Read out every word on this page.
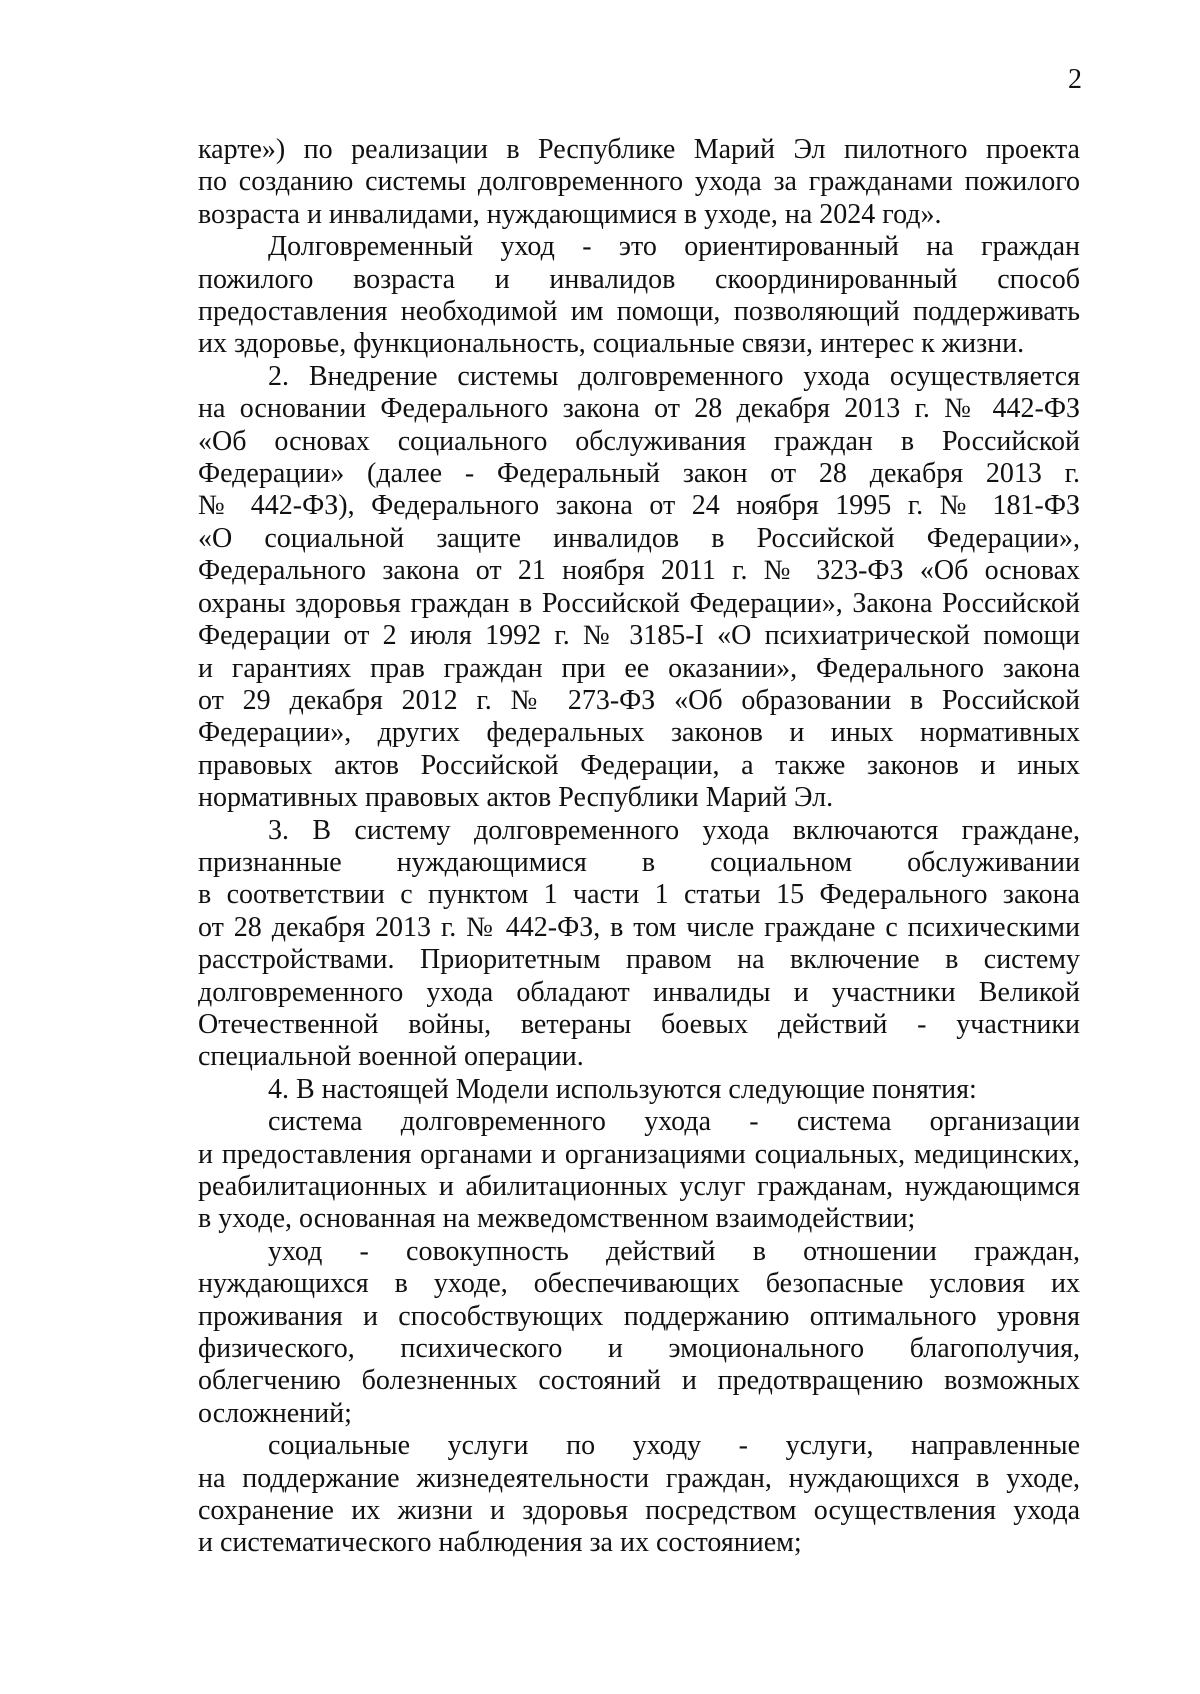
2
карте») по реализации в Республике Марий Эл пилотного проекта
по созданию системы долговременного ухода за гражданами пожилого
возраста и инвалидами, нуждающимися в уходе, на 2024 год».
Долговременный уход - это ориентированный на граждан
пожилого возраста и инвалидов скоординированный способ
предоставления необходимой им помощи, позволяющий поддерживать
их здоровье, функциональность, социальные связи, интерес к жизни.
2. Внедрение системы долговременного ухода осуществляется
на основании Федерального закона от 28 декабря 2013 г. № 442-ФЗ
«Об основах социального обслуживания граждан в Российской
Федерации» (далее - Федеральный закон от 28 декабря 2013 г.
№ 442-ФЗ), Федерального закона от 24 ноября 1995 г. № 181-ФЗ
«О социальной защите инвалидов в Российской Федерации»,
Федерального закона от 21 ноября 2011 г. № 323-ФЗ «Об основах
охраны здоровья граждан в Российской Федерации», Закона Российской
Федерации от 2 июля 1992 г. № 3185-I «О психиатрической помощи
и гарантиях прав граждан при ее оказании», Федерального закона
от 29 декабря 2012 г. № 273-ФЗ «Об образовании в Российской
Федерации», других федеральных законов и иных нормативных
правовых актов Российской Федерации, а также законов и иных
нормативных правовых актов Республики Марий Эл.
3. В систему долговременного ухода включаются граждане,
признанные нуждающимися в социальном обслуживании
в соответствии с пунктом 1 части 1 статьи 15 Федерального закона
от 28 декабря 2013 г. № 442-ФЗ, в том числе граждане с психическими
расстройствами. Приоритетным правом на включение в систему
долговременного ухода обладают инвалиды и участники Великой
Отечественной войны, ветераны боевых действий - участники
специальной военной операции.
4. В настоящей Модели используются следующие понятия:
система долговременного ухода - система организации
и предоставления органами и организациями социальных, медицинских,
реабилитационных и абилитационных услуг гражданам, нуждающимся
в уходе, основанная на межведомственном взаимодействии;
уход - совокупность действий в отношении граждан,
нуждающихся в уходе, обеспечивающих безопасные условия их
проживания и способствующих поддержанию оптимального уровня
физического, психического и эмоционального благополучия,
облегчению болезненных состояний и предотвращению возможных
осложнений;
социальные услуги по уходу - услуги, направленные
на поддержание жизнедеятельности граждан, нуждающихся в уходе,
сохранение их жизни и здоровья посредством осуществления ухода
и систематического наблюдения за их состоянием;
